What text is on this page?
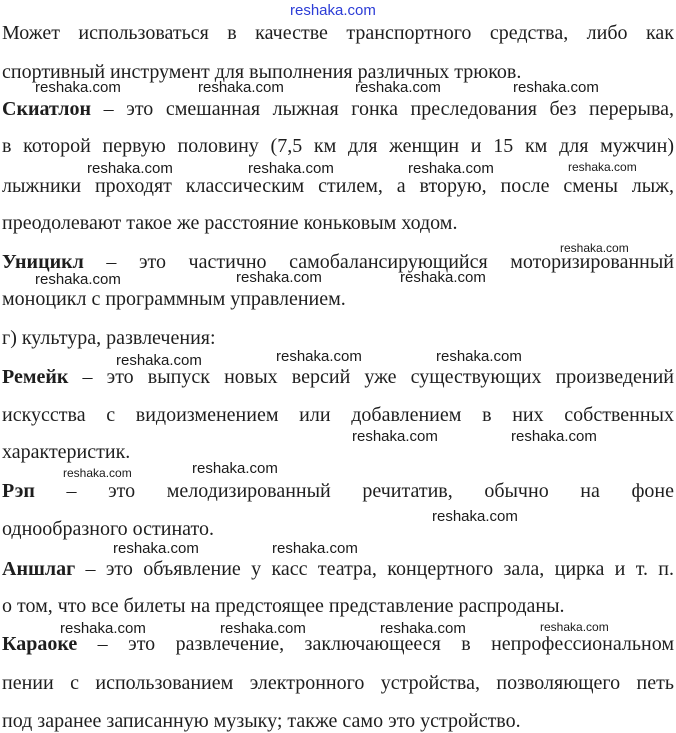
reshaka.com
Может использоваться в качестве транспортного средства, либо как
спортивный инструмент для выполнения различных трюков.
Скиатлон – это смешанная лыжная гонка преследования без перерыва,
в которой первую половину (7,5 км для женщин и 15 км для мужчин)
лыжники проходят классическим стилем, а вторую, после смены лыж,
преодолевают такое же расстояние коньковым ходом.
Уницикл – это частично самобалансирующийся моторизированный
моноцикл с программным управлением.
г) культура, развлечения:
Ремейк – это выпуск новых версий уже существующих произведений
искусства с видоизменением или добавлением в них собственных
характеристик.
Рэп – это мелодизированный речитатив, обычно на фоне
однообразного остинато.
Аншлаг – это объявление у касс театра, концертного зала, цирка и т. п.
о том, что все билеты на предстоящее представление распроданы.
Караоке – это развлечение, заключающееся в непрофессиональном
пении с использованием электронного устройства, позволяющего петь
под заранее записанную музыку; также само это устройство.
reshaka.com	reshaka.com	reshaka.com	reshaka.com
reshaka.com	reshaka.com	reshaka.com	reshaka.com
reshaka.com
reshaka.com	reshaka.com	reshaka.com
reshaka.com	reshaka.com	reshaka.com
reshaka.com	reshaka.com
reshaka.com	reshaka.com
reshaka.com
reshaka.com	reshaka.com
reshaka.com
reshaka.com	reshaka.com	reshaka.com
